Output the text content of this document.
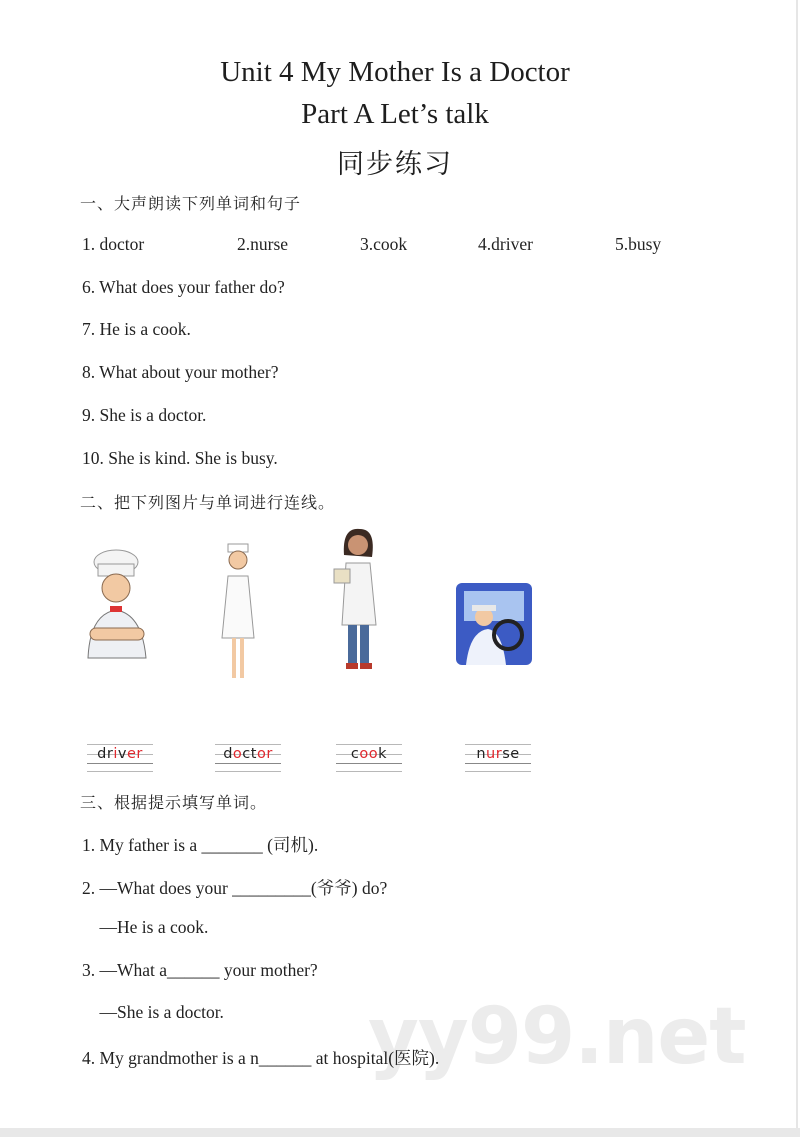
Unit 4 My Mother Is a Doctor
Part A Let’s talk
同步练习
一、大声朗读下列单词和句子
1. doctor	2.nurse	3.cook	4.driver	5.busy
6. What does your father do?
7. He is a cook.
8. What about your mother?
9. She is a doctor.
10. She is kind. She is busy.
二、把下列图片与单词进行连线。
driver	doctor	cook	nurse
三、根据提示填写单词。
yy99.net
1. My father is a _______ (司机).
2. —What does your _________(爷爷) do?
—He is a cook.
3. —What a______ your mother?
—She is a doctor.
4. My grandmother is a n______ at hospital(医院).
